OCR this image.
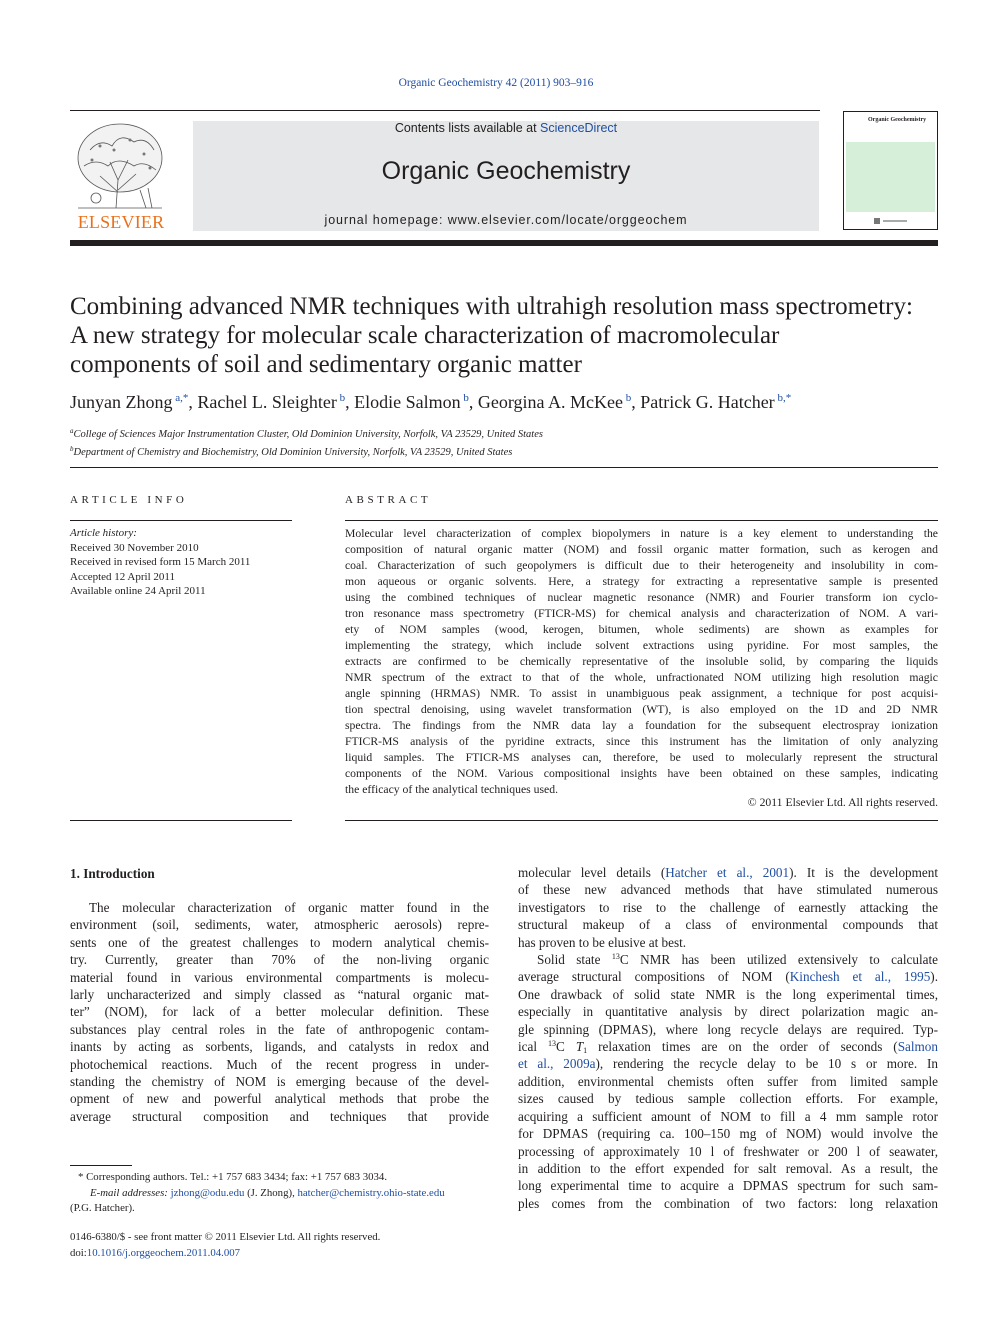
Organic Geochemistry 42 (2011) 903–916
ELSEVIER
Contents lists available at ScienceDirect
Organic Geochemistry
journal homepage: www.elsevier.com/locate/orggeochem
Organic Geochemistry
Combining advanced NMR techniques with ultrahigh resolution mass spectrometry:
A new strategy for molecular scale characterization of macromolecular
components of soil and sedimentary organic matter
Junyan Zhong $^{a,*}$, Rachel L. Sleighter $^b$, Elodie Salmon $^b$, Georgina A. McKee $^b$, Patrick G. Hatcher $^{b,*}$
$^a$College of Sciences Major Instrumentation Cluster, Old Dominion University, Norfolk, VA 23529, United States
$^b$Department of Chemistry and Biochemistry, Old Dominion University, Norfolk, VA 23529, United States
ARTICLE INFO
Article history:
Received 30 November 2010
Received in revised form 15 March 2011
Accepted 12 April 2011
Available online 24 April 2011
ABSTRACT

Molecular level characterization of complex biopolymers in nature is a key element to understanding the

composition of natural organic matter (NOM) and fossil organic matter formation, such as kerogen and

coal. Characterization of such geopolymers is difficult due to their heterogeneity and insolubility in com-

mon aqueous or organic solvents. Here, a strategy for extracting a representative sample is presented

using the combined techniques of nuclear magnetic resonance (NMR) and Fourier transform ion cyclo-

tron resonance mass spectrometry (FTICR-MS) for chemical analysis and characterization of NOM. A vari-

ety of NOM samples (wood, kerogen, bitumen, whole sediments) are shown as examples for

implementing the strategy, which include solvent extractions using pyridine. For most samples, the

extracts are confirmed to be chemically representative of the insoluble solid, by comparing the liquids

NMR spectrum of the extract to that of the whole, unfractionated NOM utilizing high resolution magic

angle spinning (HRMAS) NMR. To assist in unambiguous peak assignment, a technique for post acquisi-

tion spectral denoising, using wavelet transformation (WT), is also employed on the 1D and 2D NMR

spectra. The findings from the NMR data lay a foundation for the subsequent electrospray ionization

FTICR-MS analysis of the pyridine extracts, since this instrument has the limitation of only analyzing

liquid samples. The FTICR-MS analyses can, therefore, be used to molecularly represent the structural

components of the NOM. Various compositional insights have been obtained on these samples, indicating

the efficacy of the analytical techniques used.

© 2011 Elsevier Ltd. All rights reserved.
1. Introduction
The molecular characterization of organic matter found in the
environment (soil, sediments, water, atmospheric aerosols) repre-
sents one of the greatest challenges to modern analytical chemis-
try. Currently, greater than 70% of the non-living organic
material found in various environmental compartments is molecu-
larly uncharacterized and simply classed as “natural organic mat-
ter” (NOM), for lack of a better molecular definition. These
substances play central roles in the fate of anthropogenic contam-
inants by acting as sorbents, ligands, and catalysts in redox and
photochemical reactions. Much of the recent progress in under-
standing the chemistry of NOM is emerging because of the devel-
opment of new and powerful analytical methods that probe the
average structural composition and techniques that provide
molecular level details (Hatcher et al., 2001). It is the development
of these new advanced methods that have stimulated numerous
investigators to rise to the challenge of earnestly attacking the
structural makeup of a class of environmental compounds that
has proven to be elusive at best.
Solid state $^{13}$C NMR has been utilized extensively to calculate
average structural compositions of NOM (Kinchesh et al., 1995).
One drawback of solid state NMR is the long experimental times,
especially in quantitative analysis by direct polarization magic an-
gle spinning (DPMAS), where long recycle delays are required. Typ-
ical $^{13}$C $T_1$ relaxation times are on the order of seconds (Salmon
et al., 2009a), rendering the recycle delay to be 10 s or more. In
addition, environmental chemists often suffer from limited sample
sizes caused by tedious sample collection efforts. For example,
acquiring a sufficient amount of NOM to fill a 4 mm sample rotor
for DPMAS (requiring ca. 100–150 mg of NOM) would involve the
processing of approximately 10 l of freshwater or 200 l of seawater,
in addition to the effort expended for salt removal. As a result, the
long experimental time to acquire a DPMAS spectrum for such sam-
ples comes from the combination of two factors: long relaxation
* Corresponding authors. Tel.: +1 757 683 3434; fax: +1 757 683 3034.
E-mail addresses: jzhong@odu.edu (J. Zhong), hatcher@chemistry.ohio-state.edu
(P.G. Hatcher).
0146-6380/$ - see front matter © 2011 Elsevier Ltd. All rights reserved.
doi:10.1016/j.orggeochem.2011.04.007
